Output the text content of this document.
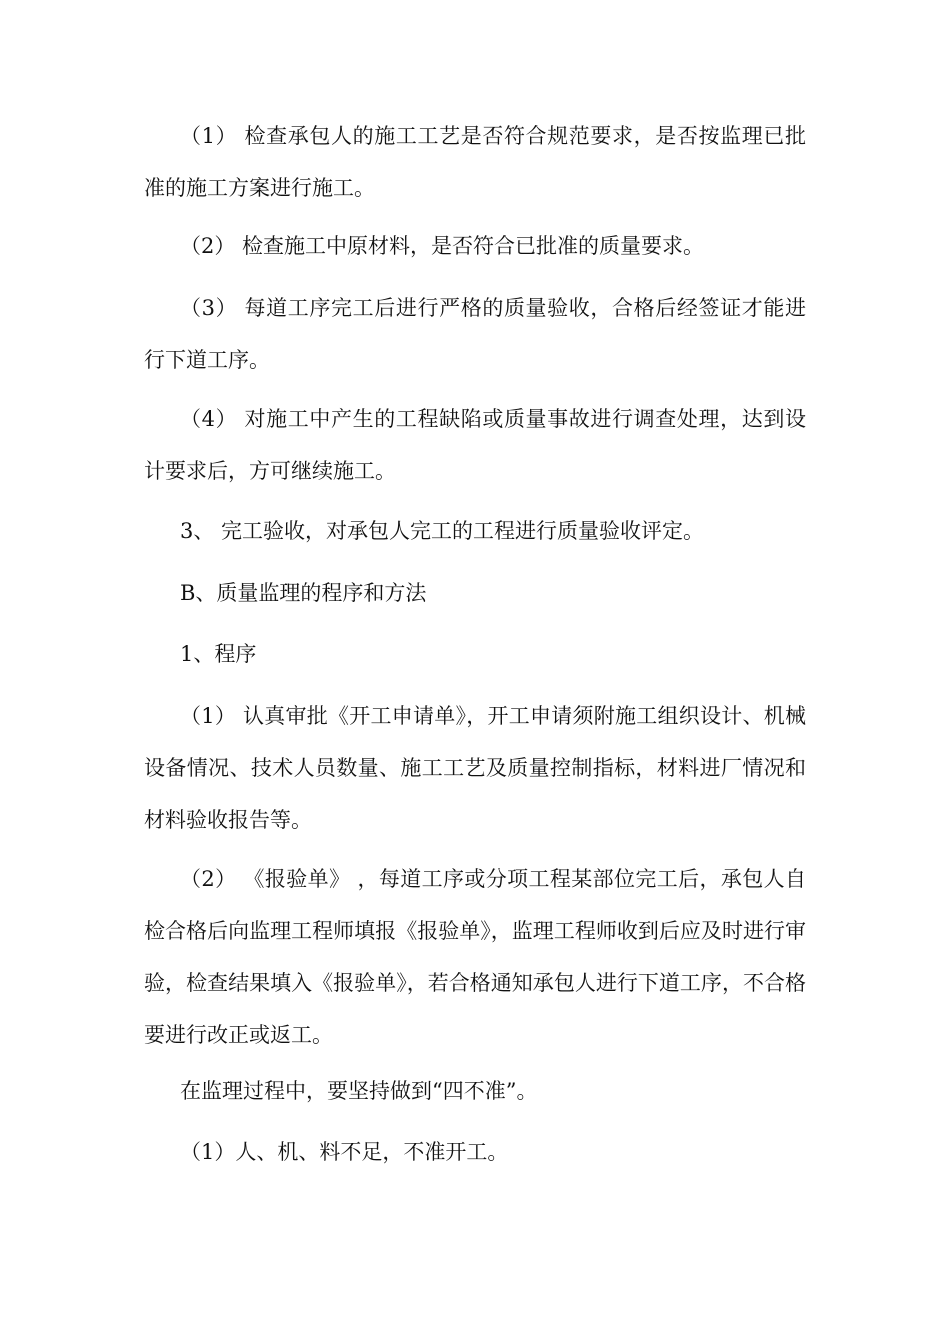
（1） 检查承包人的施工工艺是否符合规范要求，是否按监理已批准的施工方案进行施工。

（2） 检查施工中原材料，是否符合已批准的质量要求。

（3） 每道工序完工后进行严格的质量验收，合格后经签证才能进行下道工序。

（4） 对施工中产生的工程缺陷或质量事故进行调查处理，达到设计要求后，方可继续施工。

3、 完工验收，对承包人完工的工程进行质量验收评定。

B、质量监理的程序和方法

1、程序

（1） 认真审批《开工申请单》，开工申请须附施工组织设计、机械设备情况、技术人员数量、施工工艺及质量控制指标，材料进厂情况和材料验收报告等。

（2） 《报验单》 ，每道工序或分项工程某部位完工后，承包人自检合格后向监理工程师填报《报验单》，监理工程师收到后应及时进行审验，检查结果填入《报验单》，若合格通知承包人进行下道工序，不合格要进行改正或返工。

在监理过程中，要坚持做到“四不准”。

（1）人、机、料不足，不准开工。
